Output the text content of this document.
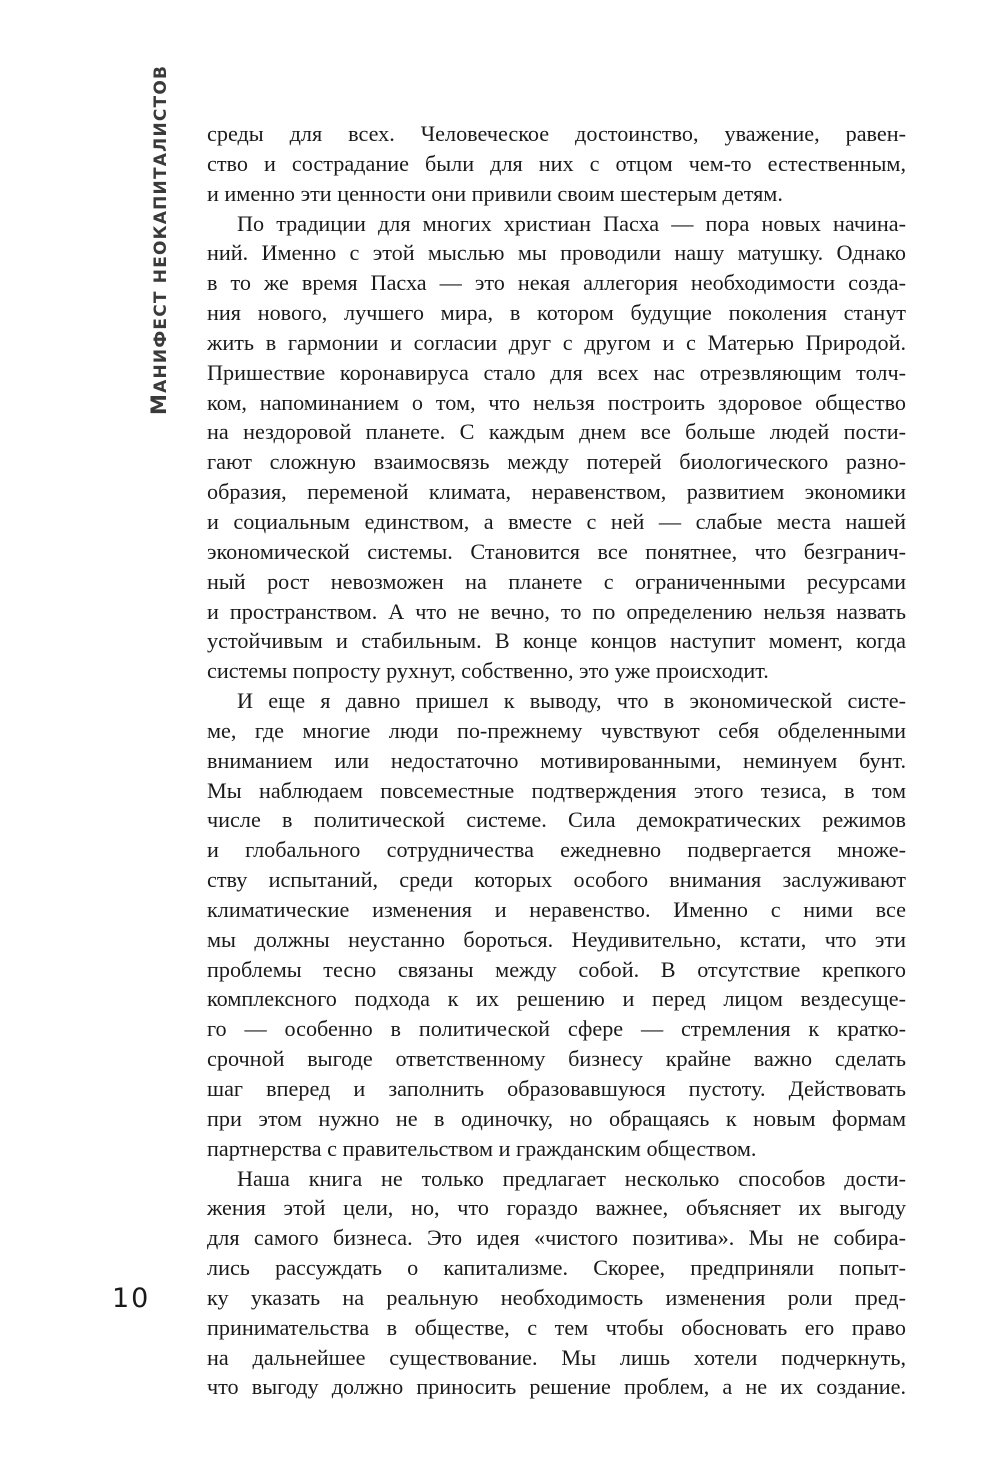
МАНИФЕСТ НЕОКАПИТАЛИСТОВ среды для всех. Человеческое достоинство, уважение, равен-
ство и сострадание были для них с отцом чем-то естественным,
и именно эти ценности они привили своим шестерым детям.
По традиции для многих христиан Пасха — пора новых начина-
ний. Именно с этой мыслью мы проводили нашу матушку. Однако
в то же время Пасха — это некая аллегория необходимости созда-
ния нового, лучшего мира, в котором будущие поколения станут
жить в гармонии и согласии друг с другом и с Матерью Природой.
Пришествие коронавируса стало для всех нас отрезвляющим толч-
ком, напоминанием о том, что нельзя построить здоровое общество
на нездоровой планете. С каждым днем все больше людей пости-
гают сложную взаимосвязь между потерей биологического разно-
образия, переменой климата, неравенством, развитием экономики
и социальным единством, а вместе с ней — слабые места нашей
экономической системы. Становится все понятнее, что безгранич-
ный рост невозможен на планете с ограниченными ресурсами
и пространством. А что не вечно, то по определению нельзя назвать
устойчивым и стабильным. В конце концов наступит момент, когда
системы попросту рухнут, собственно, это уже происходит.
И еще я давно пришел к выводу, что в экономической систе-
ме, где многие люди по-прежнему чувствуют себя обделенными
вниманием или недостаточно мотивированными, неминуем бунт.
Мы наблюдаем повсеместные подтверждения этого тезиса, в том
числе в политической системе. Сила демократических режимов
и глобального сотрудничества ежедневно подвергается множе-
ству испытаний, среди которых особого внимания заслуживают
климатические изменения и неравенство. Именно с ними все
мы должны неустанно бороться. Неудивительно, кстати, что эти
проблемы тесно связаны между собой. В отсутствие крепкого
комплексного подхода к их решению и перед лицом вездесуще-
го — особенно в политической сфере — стремления к кратко-
срочной выгоде ответственному бизнесу крайне важно сделать
шаг вперед и заполнить образовавшуюся пустоту. Действовать
при этом нужно не в одиночку, но обращаясь к новым формам
партнерства с правительством и гражданским обществом.
Наша книга не только предлагает несколько способов дости-
жения этой цели, но, что гораздо важнее, объясняет их выгоду
для самого бизнеса. Это идея «чистого позитива». Мы не собира-
лись рассуждать о капитализме. Скорее, предприняли попыт-
ку указать на реальную необходимость изменения роли пред-
принимательства в обществе, с тем чтобы обосновать его право
на дальнейшее существование. Мы лишь хотели подчеркнуть,
что выгоду должно приносить решение проблем, а не их создание.
10
